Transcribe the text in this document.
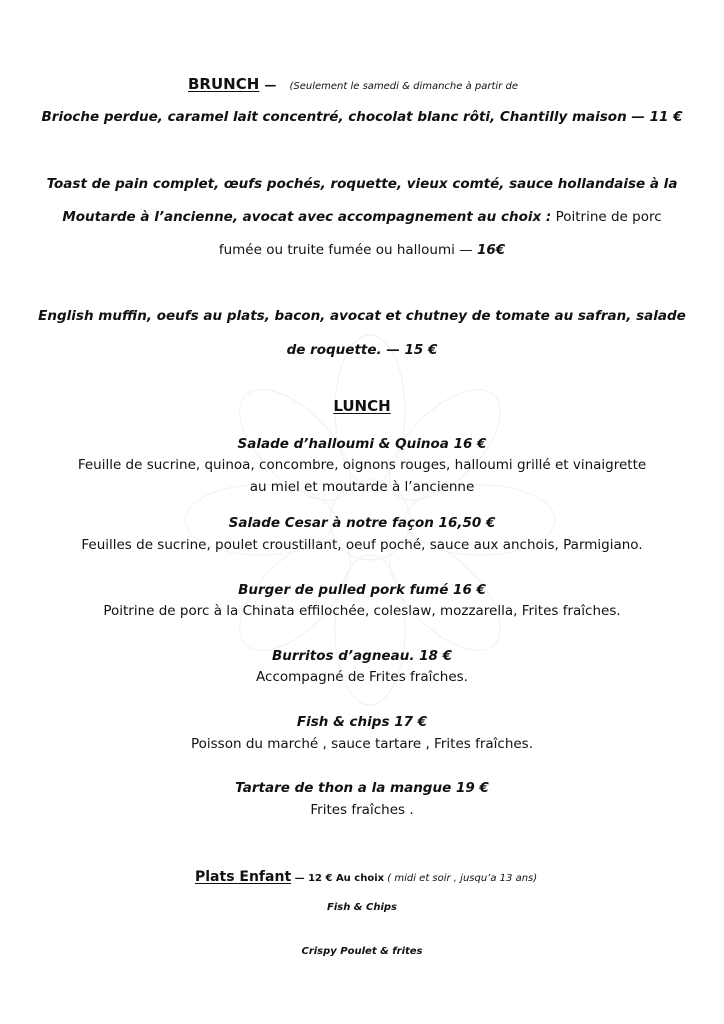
BRUNCH — (Seulement le samedi & dimanche à partir de
Brioche perdue, caramel lait concentré, chocolat blanc rôti, Chantilly maison — 11 €
Toast de pain complet, œufs pochés, roquette, vieux comté, sauce hollandaise à la
Moutarde à l’ancienne, avocat avec accompagnement au choix : Poitrine de porc
fumée ou truite fumée ou halloumi — 16€
English muffin, oeufs au plats, bacon, avocat et chutney de tomate au safran, salade
de roquette. — 15 €
LUNCH
Salade d’halloumi & Quinoa 16 €
Feuille de sucrine, quinoa, concombre, oignons rouges, halloumi grillé et vinaigrette
au miel et moutarde à l’ancienne
Salade Cesar à notre façon 16,50 €
Feuilles de sucrine, poulet croustillant, oeuf poché, sauce aux anchois, Parmigiano.
Burger de pulled pork fumé 16 €
Poitrine de porc à la Chinata effilochée, coleslaw, mozzarella, Frites fraîches.
Burritos d’agneau. 18 €
Accompagné de Frites fraîches.
Fish & chips 17 €
Poisson du marché , sauce tartare , Frites fraîches.
Tartare de thon a la mangue 19 €
Frites fraîches .
Plats Enfant — 12 € Au choix ( midi et soir , jusqu’a 13 ans)
Fish & Chips
Crispy Poulet & frites
